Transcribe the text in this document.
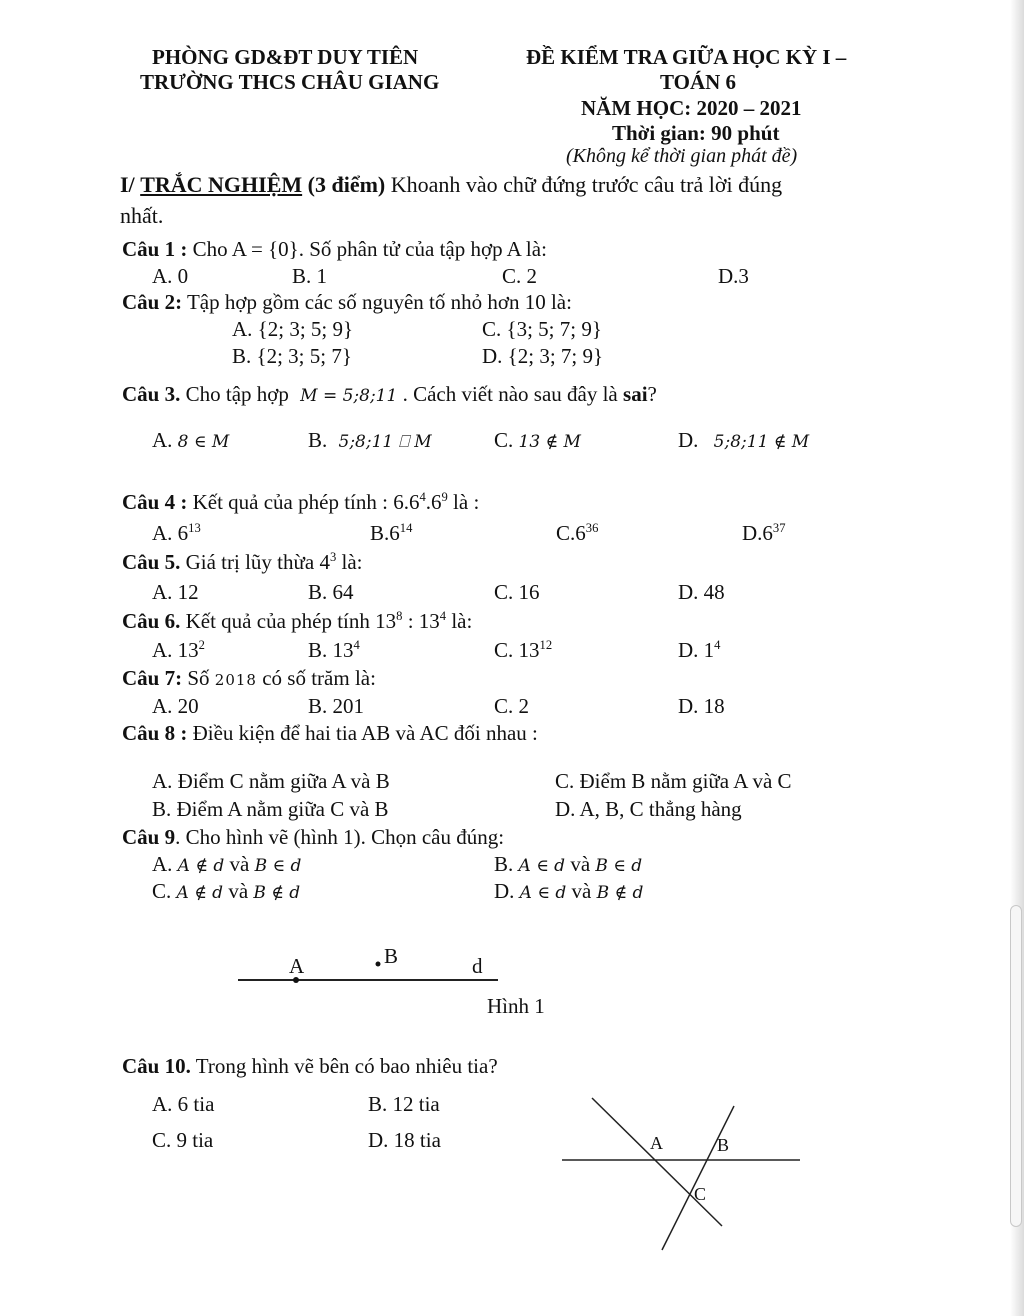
PHÒNG GD&ĐT DUY TIÊN
TRƯỜNG THCS CHÂU GIANG
ĐỀ KIỂM TRA GIỮA HỌC KỲ I –
TOÁN 6
NĂM HỌC: 2020 – 2021
Thời gian: 90 phút
(Không kể thời gian phát đề)
I/ TRẮC NGHIỆM (3 điểm) Khoanh vào chữ đứng trước câu trả lời đúng
nhất.
Câu 1 : Cho A = {0}. Số phân tử của tập hợp A là:
A. 0	B. 1	C. 2	D.3
Câu 2: Tập hợp gồm các số nguyên tố nhỏ hơn 10 là:
A. {2; 3; 5; 9}	C. {3; 5; 7; 9}
B. {2; 3; 5; 7}	D. {2; 3; 7; 9}
Câu 3. Cho tập hợp M = 5;8;11 . Cách viết nào sau đây là sai?
A. 8 ∈ M	B. 5;8;11 ⎕ M	C. 13 ∉ M	D. 5;8;11 ∉ M
Câu 4 : Kết quả của phép tính : $6.6^4.6^9$ là :
A. $6^{13}$	$B.6^{14}$	$C.6^{36}$	$D.6^{37}$
Câu 5. Giá trị lũy thừa $4^3$ là:
A. 12	B. 64	C. 16	D. 48
Câu 6. Kết quả của phép tính $13^8$ : $13^4$ là:
A. $13^2$	B. $13^4$	C. $13^{12}$	D. $1^4$
Câu 7: Số 2018 có số trăm là:
A. 20	B. 201	C. 2	D. 18
Câu 8 : Điều kiện để hai tia AB và AC đối nhau :
A. Điểm C nằm giữa A và B	C. Điểm B nằm giữa A và C
B. Điểm A nằm giữa C và B	D. A, B, C thẳng hàng
Câu 9. Cho hình vẽ (hình 1). Chọn câu đúng:
A. A ∉ d và B ∈ d	B. A ∈ d và B ∈ d
C. A ∉ d và B ∉ d	D. A ∈ d và B ∉ d
A	B	d
Hình 1
Câu 10. Trong hình vẽ bên có bao nhiêu tia?
A. 6 tia	B. 12 tia
C. 9 tia	D. 18 tia	A	B
C
